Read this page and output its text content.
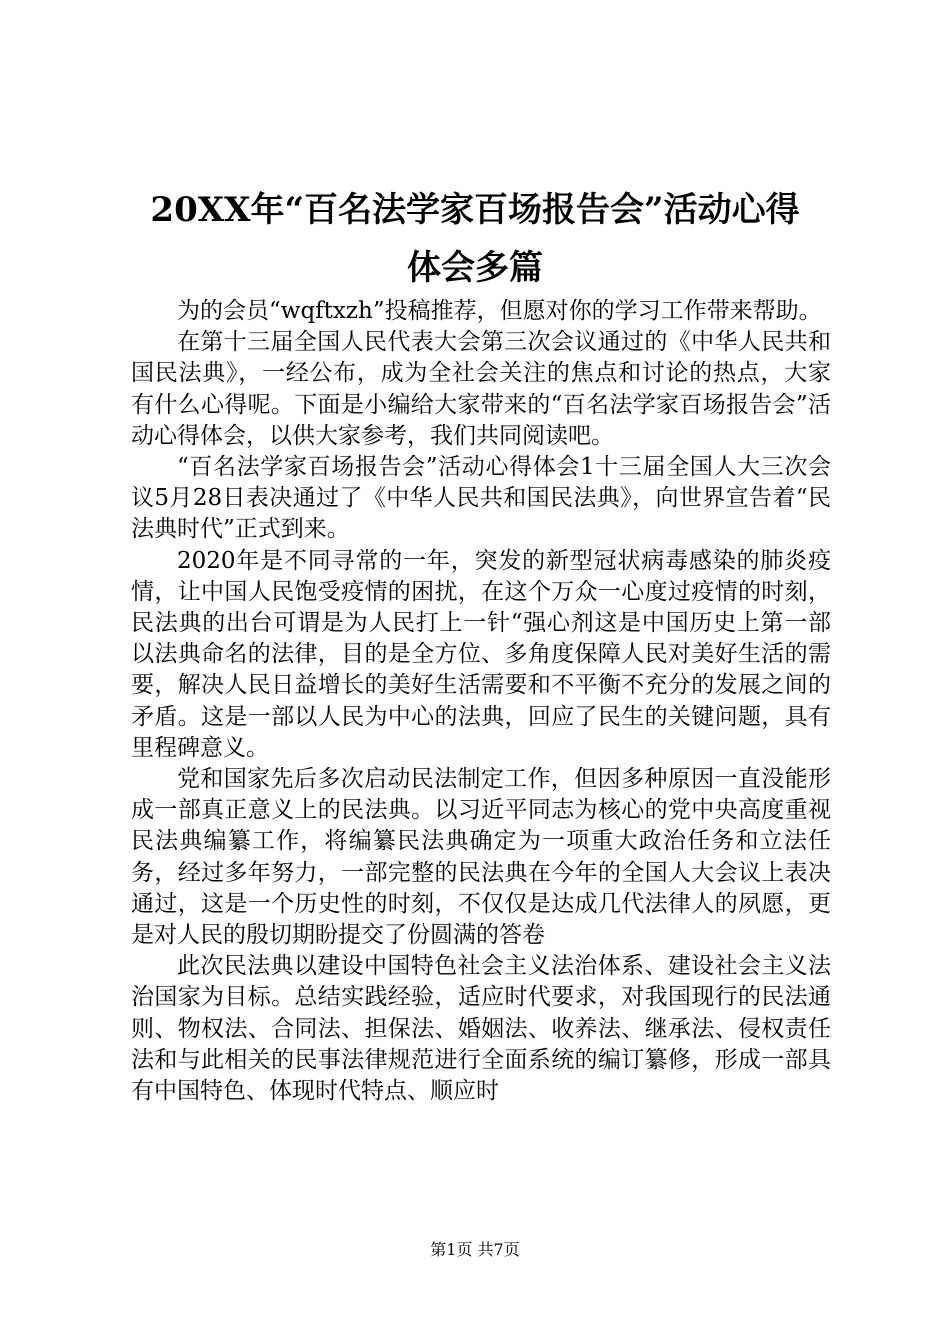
20XX年“百名法学家百场报告会”活动心得
体会多篇

为的会员“wqftxzh”投稿推荐，但愿对你的学习工作带来帮助。

在第十三届全国人民代表大会第三次会议通过的《中华人民共和国民法典》，一经公布，成为全社会关注的焦点和讨论的热点，大家有什么心得呢。下面是小编给大家带来的“百名法学家百场报告会”活动心得体会，以供大家参考，我们共同阅读吧。

“百名法学家百场报告会”活动心得体会1十三届全国人大三次会议5月28日表决通过了《中华人民共和国民法典》，向世界宣告着“民法典时代”正式到来。

2020年是不同寻常的一年，突发的新型冠状病毒感染的肺炎疫情，让中国人民饱受疫情的困扰，在这个万众一心度过疫情的时刻，民法典的出台可谓是为人民打上一针“强心剂这是中国历史上第一部以法典命名的法律，目的是全方位、多角度保障人民对美好生活的需要，解决人民日益增长的美好生活需要和不平衡不充分的发展之间的矛盾。这是一部以人民为中心的法典，回应了民生的关键问题，具有里程碑意义。

党和国家先后多次启动民法制定工作，但因多种原因一直没能形成一部真正意义上的民法典。以习近平同志为核心的党中央高度重视民法典编纂工作，将编纂民法典确定为一项重大政治任务和立法任务，经过多年努力，一部完整的民法典在今年的全国人大会议上表决通过，这是一个历史性的时刻，不仅仅是达成几代法律人的夙愿，更是对人民的殷切期盼提交了份圆满的答卷

此次民法典以建设中国特色社会主义法治体系、建设社会主义法治国家为目标。总结实践经验，适应时代要求，对我国现行的民法通则、物权法、合同法、担保法、婚姻法、收养法、继承法、侵权责任法和与此相关的民事法律规范进行全面系统的编订纂修，形成一部具有中国特色、体现时代特点、顺应时

第1页 共7页
